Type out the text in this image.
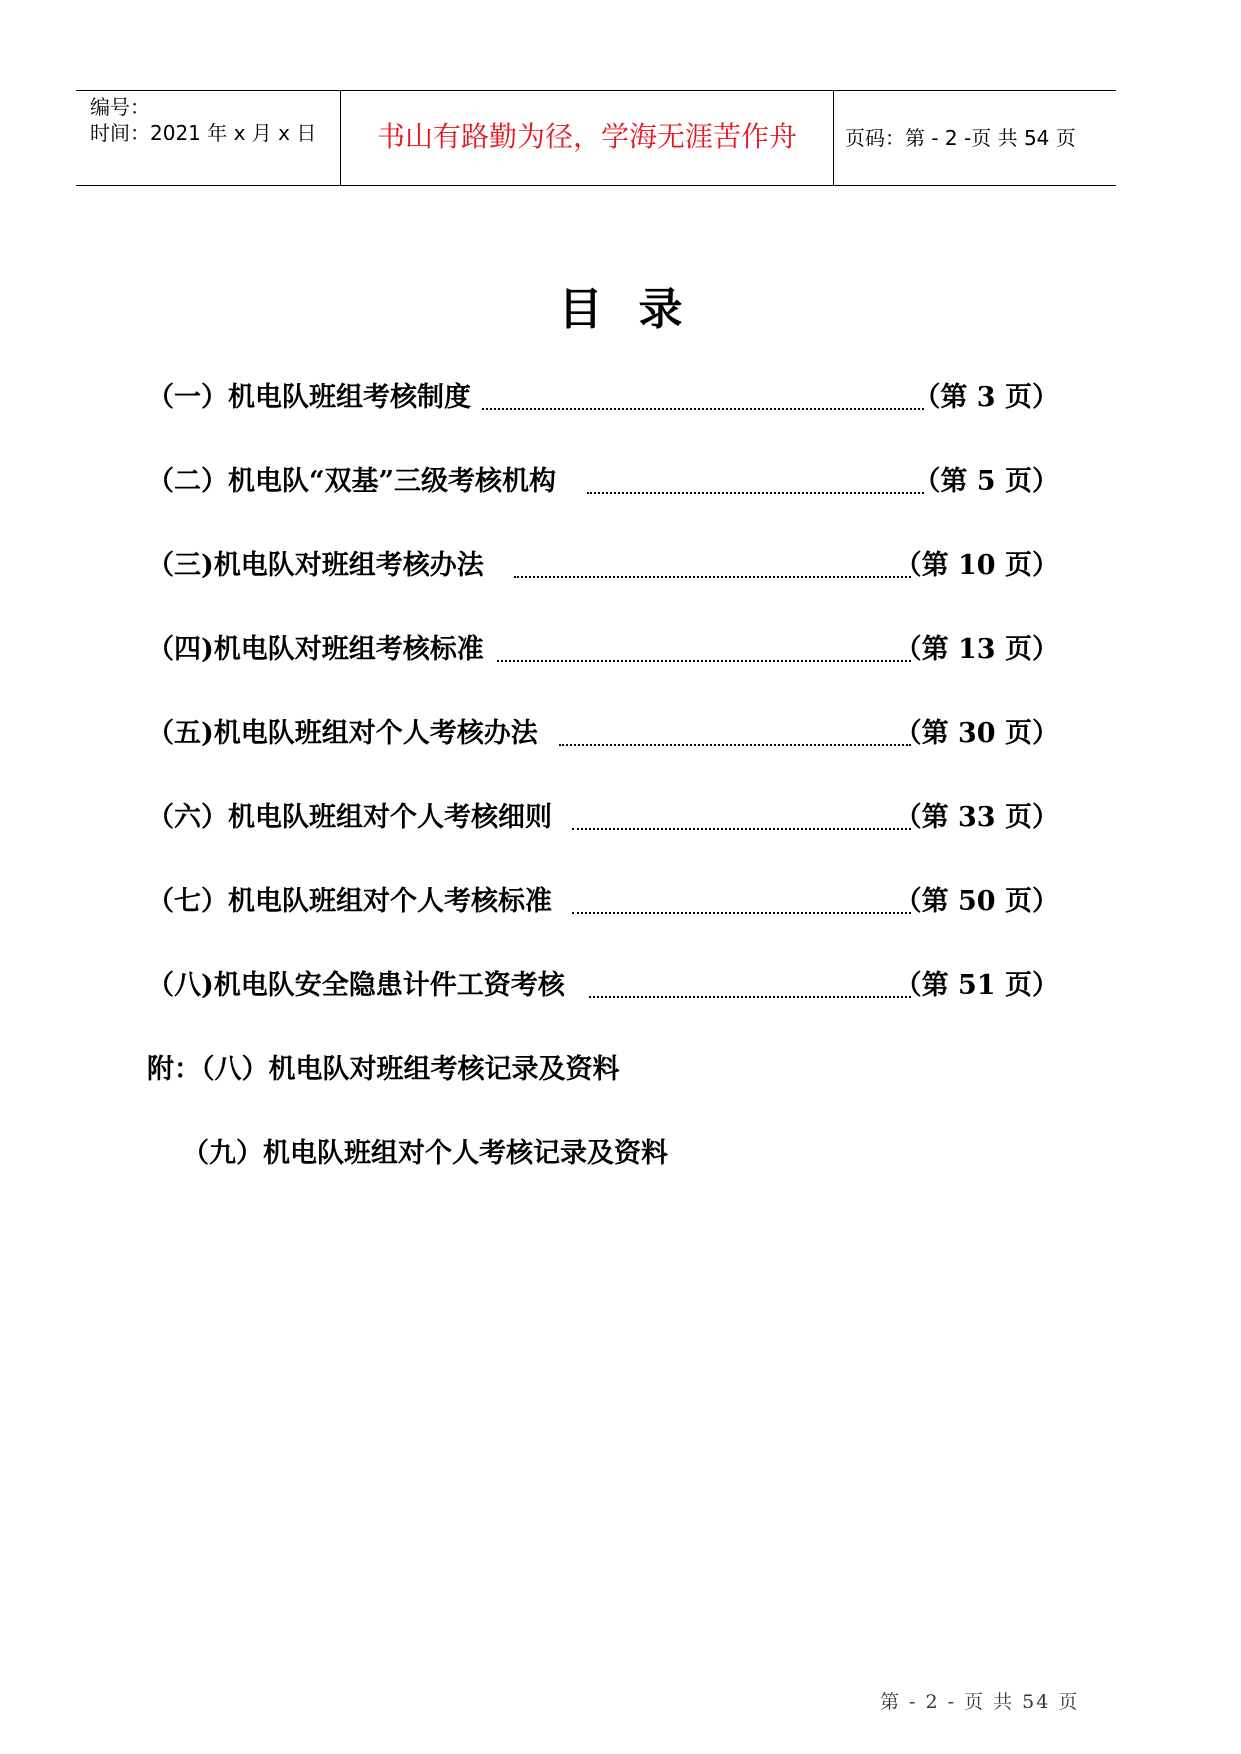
编号：
时间：2021 年 x 月 x 日	书山有路勤为径，学海无涯苦作舟	页码：第 - 2 -页 共 54 页
目录
（一）机电队班组考核制度	（第 3 页）
（二）机电队“双基”三级考核机构	（第 5 页）
（三)机电队对班组考核办法	（第 10 页）
（四)机电队对班组考核标准	（第 13 页）
（五)机电队班组对个人考核办法	（第 30 页）
（六）机电队班组对个人考核细则	（第 33 页）
（七）机电队班组对个人考核标准	（第 50 页）
（八)机电队安全隐患计件工资考核	（第 51 页）
附：（八）机电队对班组考核记录及资料
（九）机电队班组对个人考核记录及资料
第 - 2 - 页 共 54 页
